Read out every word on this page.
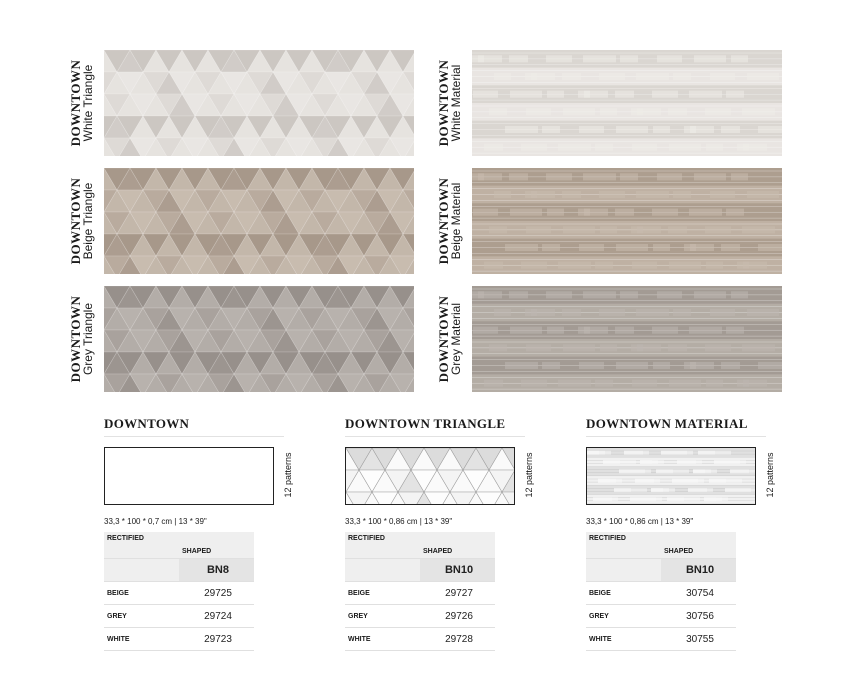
DOWNTOWN
White Triangle	DOWNTOWN
White Material
DOWNTOWN
Beige Triangle	DOWNTOWN
Beige Material
DOWNTOWN
Grey Triangle	DOWNTOWN
Grey Material
DOWNTOWN
12 patterns
33,3 * 100 * 0,7 cm | 13 * 39"
RECTIFIED	SHAPED
	BN8
BEIGE	29725
GREY	29724
WHITE	29723
DOWNTOWN TRIANGLE
12 patterns
33,3 * 100 * 0,86 cm | 13 * 39"
RECTIFIED	SHAPED
	BN10
BEIGE	29727
GREY	29726
WHITE	29728
DOWNTOWN MATERIAL
12 patterns
33,3 * 100 * 0,86 cm | 13 * 39"
RECTIFIED	SHAPED
	BN10
BEIGE	30754
GREY	30756
WHITE	30755
